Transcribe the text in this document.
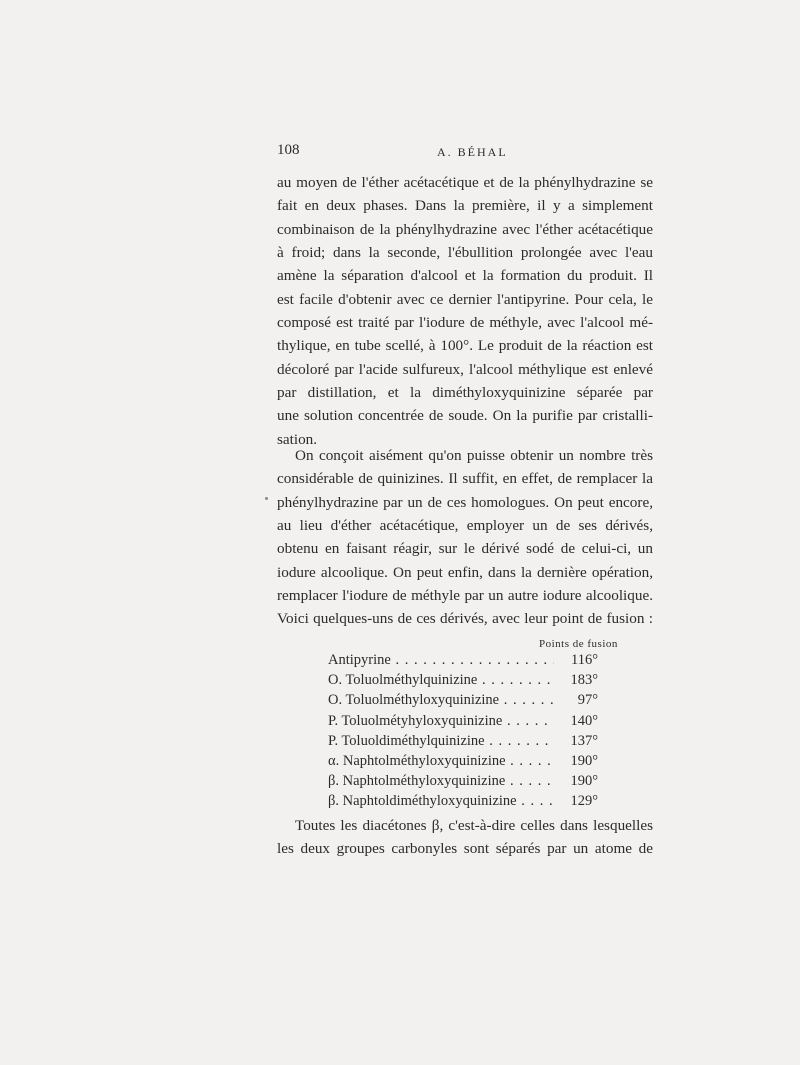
108	A. BÉHAL
au moyen de l'éther acétacétique et de la phénylhydrazine se
fait en deux phases. Dans la première, il y a simplement
combinaison de la phénylhydrazine avec l'éther acétacétique
à froid; dans la seconde, l'ébullition prolongée avec l'eau
amène la séparation d'alcool et la formation du produit. Il
est facile d'obtenir avec ce dernier l'antipyrine. Pour cela, le
composé est traité par l'iodure de méthyle, avec l'alcool mé-
thylique, en tube scellé, à 100°. Le produit de la réaction est
décoloré par l'acide sulfureux, l'alcool méthylique est enlevé
par distillation, et la diméthyloxyquinizine séparée par
une solution concentrée de soude. On la purifie par cristalli-
sation.
On conçoit aisément qu'on puisse obtenir un nombre très
considérable de quinizines. Il suffit, en effet, de remplacer la
phénylhydrazine par un de ces homologues. On peut encore,
au lieu d'éther acétacétique, employer un de ses dérivés,
obtenu en faisant réagir, sur le dérivé sodé de celui-ci, un
iodure alcoolique. On peut enfin, dans la dernière opération,
remplacer l'iodure de méthyle par un autre iodure alcoolique.
Voici quelques-uns de ces dérivés, avec leur point de fusion :
Points de fusion
Antipyrine . . .	116°
O. Toluolméthylquinizine . . .	183°
O. Toluolméthyloxyquinizine . . .	97°
P. Toluolmétyhyloxyquinizine . . .	140°
P. Toluoldiméthylquinizine . . .	137°
α. Naphtolméthyloxyquinizine . . .	190°
β. Naphtolméthyloxyquinizine . . .	190°
β. Naphtoldiméthyloxyquinizine . . .	129°
Toutes les diacétones β, c'est-à-dire celles dans lesquelles
les deux groupes carbonyles sont séparés par un atome de
